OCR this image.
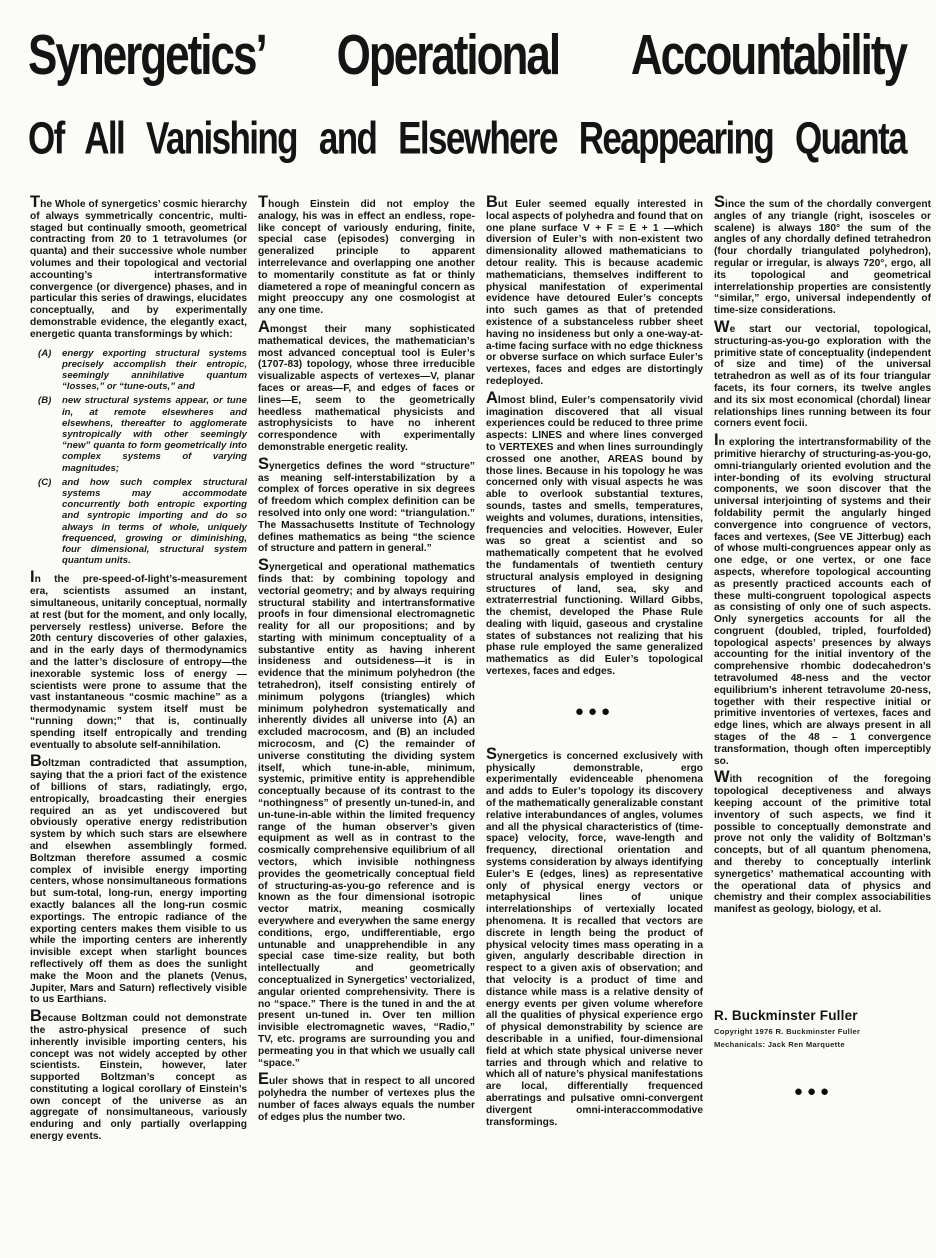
Synergetics’ Operational Accountability
Of All Vanishing and Elsewhere Reappearing Quanta

The Whole of synergetics’ cosmic hierarchy of always symmetrically concentric, multi-staged but continually smooth, geometrical contracting from 20 to 1 tetravolumes (or quanta) and their successive whole number volumes and their topological and vectorial accounting’s intertransformative convergence (or divergence) phases, and in particular this series of drawings, elucidates conceptually, and by experimentally demonstrable evidence, the elegantly exact, energetic quanta transformings by which:

(A) energy exporting structural systems precisely accomplish their entropic, seemingly annihilative quantum “losses,” or “tune-outs,” and
(B) new structural systems appear, or tune in, at remote elsewheres and elsewhens, thereafter to agglomerate syntropically with other seemingly “new” quanta to form geometrically into complex systems of varying magnitudes;
(C) and how such complex structural systems may accommodate concurrently both entropic exporting and syntropic importing and do so always in terms of whole, uniquely frequenced, growing or diminishing, four dimensional, structural system quantum units.

In the pre-speed-of-light’s-measurement era, scientists assumed an instant, simultaneous, unitarily conceptual, normally at rest (but for the moment, and only locally, perversely restless) universe. Before the 20th century discoveries of other galaxies, and in the early days of thermodynamics and the latter’s disclosure of entropy—the inexorable systemic loss of energy — scientists were prone to assume that the vast instantaneous “cosmic machine” as a thermodynamic system itself must be “running down;” that is, continually spending itself entropically and trending eventually to absolute self-annihilation.

Boltzman contradicted that assumption, saying that the a priori fact of the existence of billions of stars, radiatingly, ergo, entropically, broadcasting their energies required an as yet undiscovered but obviously operative energy redistribution system by which such stars are elsewhere and elsewhen assemblingly formed. Boltzman therefore assumed a cosmic complex of invisible energy importing centers, whose nonsimultaneous formations but sum-total, long-run, energy importing exactly balances all the long-run cosmic exportings. The entropic radiance of the exporting centers makes them visible to us while the importing centers are inherently invisible except when starlight bounces reflectively off them as does the sunlight make the Moon and the planets (Venus, Jupiter, Mars and Saturn) reflectively visible to us Earthians.

Because Boltzman could not demonstrate the astro-physical presence of such inherently invisible importing centers, his concept was not widely accepted by other scientists. Einstein, however, later supported Boltzman’s concept as constituting a logical corollary of Einstein’s own concept of the universe as an aggregate of nonsimultaneous, variously enduring and only partially overlapping energy events.

Though Einstein did not employ the analogy, his was in effect an endless, rope-like concept of variously enduring, finite, special case (episodes) converging in generalized principle to apparent interrelevance and overlapping one another to momentarily constitute as fat or thinly diametered a rope of meaningful concern as might preoccupy any one cosmologist at any one time.

Amongst their many sophisticated mathematical devices, the mathematician’s most advanced conceptual tool is Euler’s (1707-83) topology, whose three irreducible visualizable aspects of vertexes—V, planar faces or areas—F, and edges of faces or lines—E, seem to the geometrically heedless mathematical physicists and astrophysicists to have no inherent correspondence with experimentally demonstrable energetic reality.

Synergetics defines the word “structure” as meaning self-interstabilization by a complex of forces operative in six degrees of freedom which complex definition can be resolved into only one word: “triangulation.” The Massachusetts Institute of Technology defines mathematics as being “the science of structure and pattern in general.”

Synergetical and operational mathematics finds that: by combining topology and vectorial geometry; and by always requiring structural stability and intertransformative proofs in four dimensional electromagnetic reality for all our propositions; and by starting with minimum conceptuality of a substantive entity as having inherent insideness and outsideness—it is in evidence that the minimum polyhedron (the tetrahedron), itself consisting entirely of minimum polygons (triangles) which minimum polyhedron systematically and inherently divides all universe into (A) an excluded macrocosm, and (B) an included microcosm, and (C) the remainder of universe constituting the dividing system itself, which tune-in-able, minimum, systemic, primitive entity is apprehendible conceptually because of its contrast to the “nothingness” of presently un-tuned-in, and un-tune-in-able within the limited frequency range of the human observer’s given equipment as well as in contrast to the cosmically comprehensive equilibrium of all vectors, which invisible nothingness provides the geometrically conceptual field of structuring-as-you-go reference and is known as the four dimensional isotropic vector matrix, meaning cosmically everywhere and everywhen the same energy conditions, ergo, undifferentiable, ergo untunable and unapprehendible in any special case time-size reality, but both intellectually and geometrically conceptualized in Synergetics’ vectorialized, angular oriented comprehensivity. There is no “space.” There is the tuned in and the at present un-tuned in. Over ten million invisible electromagnetic waves, “Radio,” TV, etc. programs are surrounding you and permeating you in that which we usually call “space.”

Euler shows that in respect to all uncored polyhedra the number of vertexes plus the number of faces always equals the number of edges plus the number two.

But Euler seemed equally interested in local aspects of polyhedra and found that on one plane surface V + F = E + 1 —which diversion of Euler’s with non-existent two dimensionality allowed mathematicians to detour reality. This is because academic mathematicians, themselves indifferent to physical manifestation of experimental evidence have detoured Euler’s concepts into such games as that of pretended existence of a substanceless rubber sheet having no insideness but only a one-way-at-a-time facing surface with no edge thickness or obverse surface on which surface Euler’s vertexes, faces and edges are distortingly redeployed.

Almost blind, Euler’s compensatorily vivid imagination discovered that all visual experiences could be reduced to three prime aspects: LINES and where lines converged to VERTEXES and when lines surroundingly crossed one another, AREAS bound by those lines. Because in his topology he was concerned only with visual aspects he was able to overlook substantial textures, sounds, tastes and smells, temperatures, weights and volumes, durations, intensities, frequencies and velocities. However, Euler was so great a scientist and so mathematically competent that he evolved the fundamentals of twentieth century structural analysis employed in designing structures of land, sea, sky and extraterrestrial functioning. Willard Gibbs, the chemist, developed the Phase Rule dealing with liquid, gaseous and crystaline states of substances not realizing that his phase rule employed the same generalized mathematics as did Euler’s topological vertexes, faces and edges.

●●●

Synergetics is concerned exclusively with physically demonstrable, ergo experimentally evidenceable phenomena and adds to Euler’s topology its discovery of the mathematically generalizable constant relative interabundances of angles, volumes and all the physical characteristics of (time-space) velocity, force, wave-length and frequency, directional orientation and systems consideration by always identifying Euler’s E (edges, lines) as representative only of physical energy vectors or metaphysical lines of unique interrelationships of vertexially located phenomena. It is recalled that vectors are discrete in length being the product of physical velocity times mass operating in a given, angularly describable direction in respect to a given axis of observation; and that velocity is a product of time and distance while mass is a relative density of energy events per given volume wherefore all the qualities of physical experience ergo of physical demonstrability by science are describable in a unified, four-dimensional field at which state physical universe never tarries and through which and relative to which all of nature’s physical manifestations are local, differentially frequenced aberratings and pulsative omni-convergent divergent omni-interaccommodative transformings.

Since the sum of the chordally convergent angles of any triangle (right, isosceles or scalene) is always 180° the sum of the angles of any chordally defined tetrahedron (four chordally triangulated polyhedron), regular or irregular, is always 720°, ergo, all its topological and geometrical interrelationship properties are consistently “similar,” ergo, universal independently of time-size considerations.

We start our vectorial, topological, structuring-as-you-go exploration with the primitive state of conceptuality (independent of size and time) of the universal tetrahedron as well as of its four triangular facets, its four corners, its twelve angles and its six most economical (chordal) linear relationships lines running between its four corners event focii.

In exploring the intertransformability of the primitive hierarchy of structuring-as-you-go, omni-triangularly oriented evolution and the inter-bonding of its evolving structural components, we soon discover that the universal interjointing of systems and their foldability permit the angularly hinged convergence into congruence of vectors, faces and vertexes, (See VE Jitterbug) each of whose multi-congruences appear only as one edge, or one vertex, or one face aspects, wherefore topological accounting as presently practiced accounts each of these multi-congruent topological aspects as consisting of only one of such aspects. Only synergetics accounts for all the congruent (doubled, tripled, fourfolded) topological aspects’ presences by always accounting for the initial inventory of the comprehensive rhombic dodecahedron’s tetravolumed 48-ness and the vector equilibrium’s inherent tetravolume 20-ness, together with their respective initial or primitive inventories of vertexes, faces and edge lines, which are always present in all stages of the 48 – 1 convergence transformation, though often imperceptibly so.

With recognition of the foregoing topological deceptiveness and always keeping account of the primitive total inventory of such aspects, we find it possible to conceptually demonstrate and prove not only the validity of Boltzman’s concepts, but of all quantum phenomena, and thereby to conceptually interlink synergetics’ mathematical accounting with the operational data of physics and chemistry and their complex associabilities manifest as geology, biology, et al.

R. Buckminster Fuller

Copyright 1976 R. Buckminster Fuller

Mechanicals: Jack Ren Marquette

●●●
